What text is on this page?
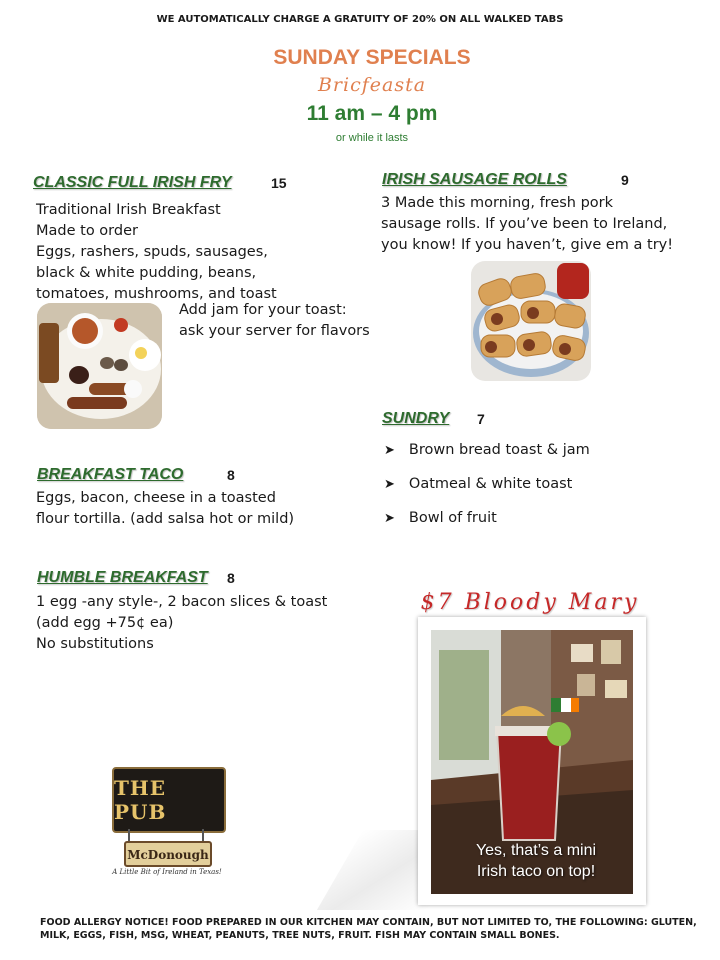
WE AUTOMATICALLY CHARGE A GRATUITY OF 20% ON ALL WALKED TABS
SUNDAY SPECIALS
Bricfeasta
11 am – 4 pm
or while it lasts
CLASSIC FULL IRISH FRY	15
Traditional Irish Breakfast
Made to order
Eggs, rashers, spuds, sausages,
black & white pudding, beans,
tomatoes, mushrooms, and toast
Add jam for your toast:
ask your server for flavors
BREAKFAST TACO	8
Eggs, bacon, cheese in a toasted
flour tortilla. (add salsa hot or mild)
HUMBLE BREAKFAST 8
1 egg -any style-, 2 bacon slices & toast
(add egg +75¢ ea)
No substitutions
IRISH SAUSAGE ROLLS	9
3 Made this morning, fresh pork
sausage rolls. If you’ve been to Ireland,
you know! If you haven’t, give em a try!
SUNDRY 7
➤ Brown bread toast & jam
➤ Oatmeal & white toast
➤ Bowl of fruit
$7 Bloody Mary
Yes, that’s a mini
Irish taco on top!
THE PUB
McDonough
A Little Bit of Ireland in Texas!
FOOD ALLERGY NOTICE! FOOD PREPARED IN OUR KITCHEN MAY CONTAIN, BUT NOT LIMITED TO, THE FOLLOWING: GLUTEN, MILK, EGGS, FISH, MSG, WHEAT, PEANUTS, TREE NUTS, FRUIT. FISH MAY CONTAIN SMALL BONES.
